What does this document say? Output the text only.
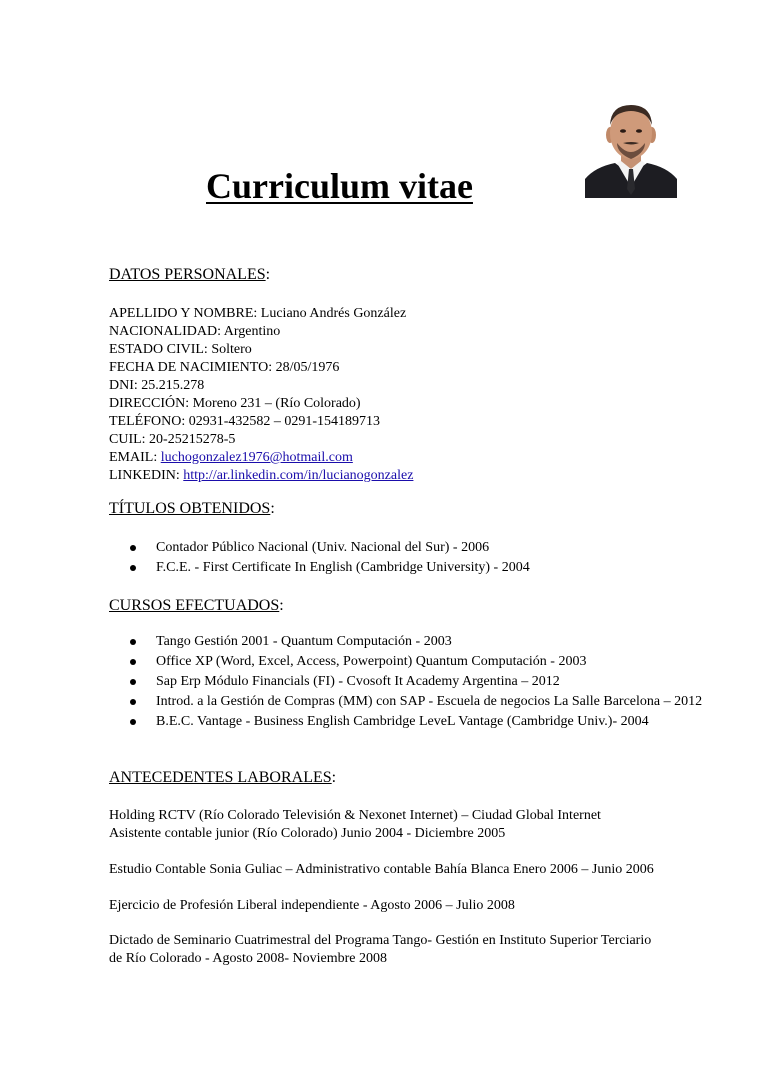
Curriculum vitae
DATOS PERSONALES:
APELLIDO Y NOMBRE: Luciano Andrés González
NACIONALIDAD: Argentino
ESTADO CIVIL: Soltero
FECHA DE NACIMIENTO: 28/05/1976
DNI: 25.215.278
DIRECCIÓN: Moreno 231 – (Río Colorado)
TELÉFONO: 02931-432582 – 0291-154189713
CUIL: 20-25215278-5
EMAIL: luchogonzalez1976@hotmail.com
LINKEDIN: http://ar.linkedin.com/in/lucianogonzalez
TÍTULOS OBTENIDOS:
Contador Público Nacional (Univ. Nacional del Sur) - 2006
F.C.E. - First Certificate In English (Cambridge University) - 2004
CURSOS EFECTUADOS:
Tango Gestión 2001 - Quantum Computación - 2003
Office XP (Word, Excel, Access, Powerpoint) Quantum Computación - 2003
Sap Erp Módulo Financials (FI) - Cvosoft It Academy Argentina – 2012
Introd. a la Gestión de Compras (MM) con SAP - Escuela de negocios La Salle Barcelona – 2012
B.E.C. Vantage - Business English Cambridge LeveL Vantage (Cambridge Univ.)- 2004
ANTECEDENTES LABORALES:
Holding RCTV (Río Colorado Televisión & Nexonet Internet) – Ciudad Global Internet
Asistente contable junior (Río Colorado) Junio 2004 - Diciembre 2005
Estudio Contable Sonia Guliac – Administrativo contable Bahía Blanca Enero 2006 – Junio 2006
Ejercicio de Profesión Liberal independiente - Agosto 2006 – Julio 2008
Dictado de Seminario Cuatrimestral del Programa Tango- Gestión en Instituto Superior Terciario
de Río Colorado - Agosto 2008- Noviembre 2008
